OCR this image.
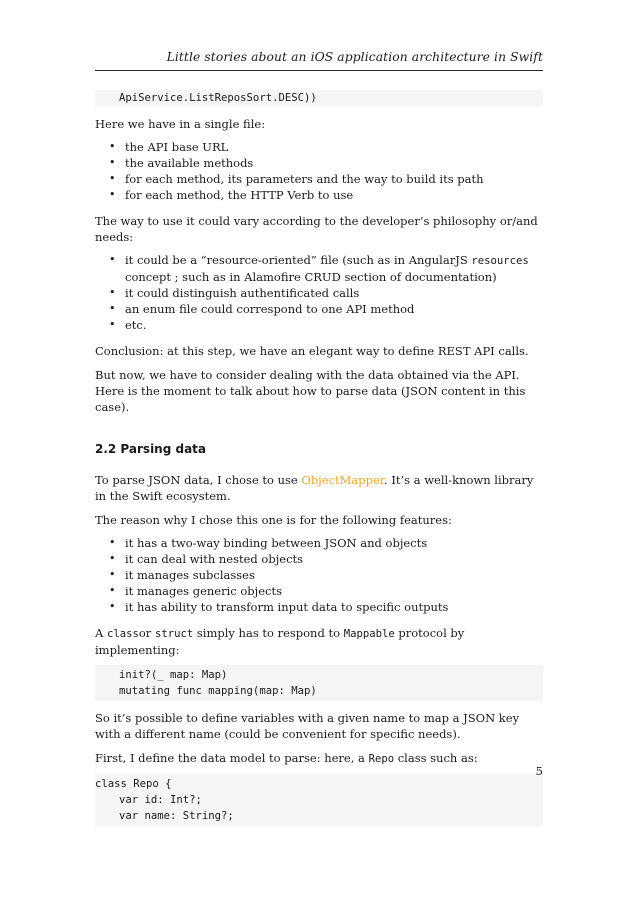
Little stories about an iOS application architecture in Swift
ApiService.ListReposSort.DESC))

Here we have in a single file:

• the API base URL
• the available methods
• for each method, its parameters and the way to build its path
• for each method, the HTTP Verb to use

The way to use it could vary according to the developer’s philosophy or/and needs:

• it could be a “resource-oriented” file (such as in AngularJS resources concept ; such as in Alamofire CRUD section of documentation)
• it could distinguish authentificated calls
• an enum file could correspond to one API method
• etc.

Conclusion: at this step, we have an elegant way to define REST API calls.

But now, we have to consider dealing with the data obtained via the API. Here is the moment to talk about how to parse data (JSON content in this case).

2.2 Parsing data

To parse JSON data, I chose to use ObjectMapper. It’s a well-known library in the Swift ecosystem.

The reason why I chose this one is for the following features:

• it has a two-way binding between JSON and objects
• it can deal with nested objects
• it manages subclasses
• it manages generic objects
• it has ability to transform input data to specific outputs

A classor struct simply has to respond to Mappable protocol by implementing:

init?(_ map: Map)
mutating func mapping(map: Map)

So it’s possible to define variables with a given name to map a JSON key with a different name (could be convenient for specific needs).

First, I define the data model to parse: here, a Repo class such as:

class Repo {
var id: Int?;
var name: String?;
5
